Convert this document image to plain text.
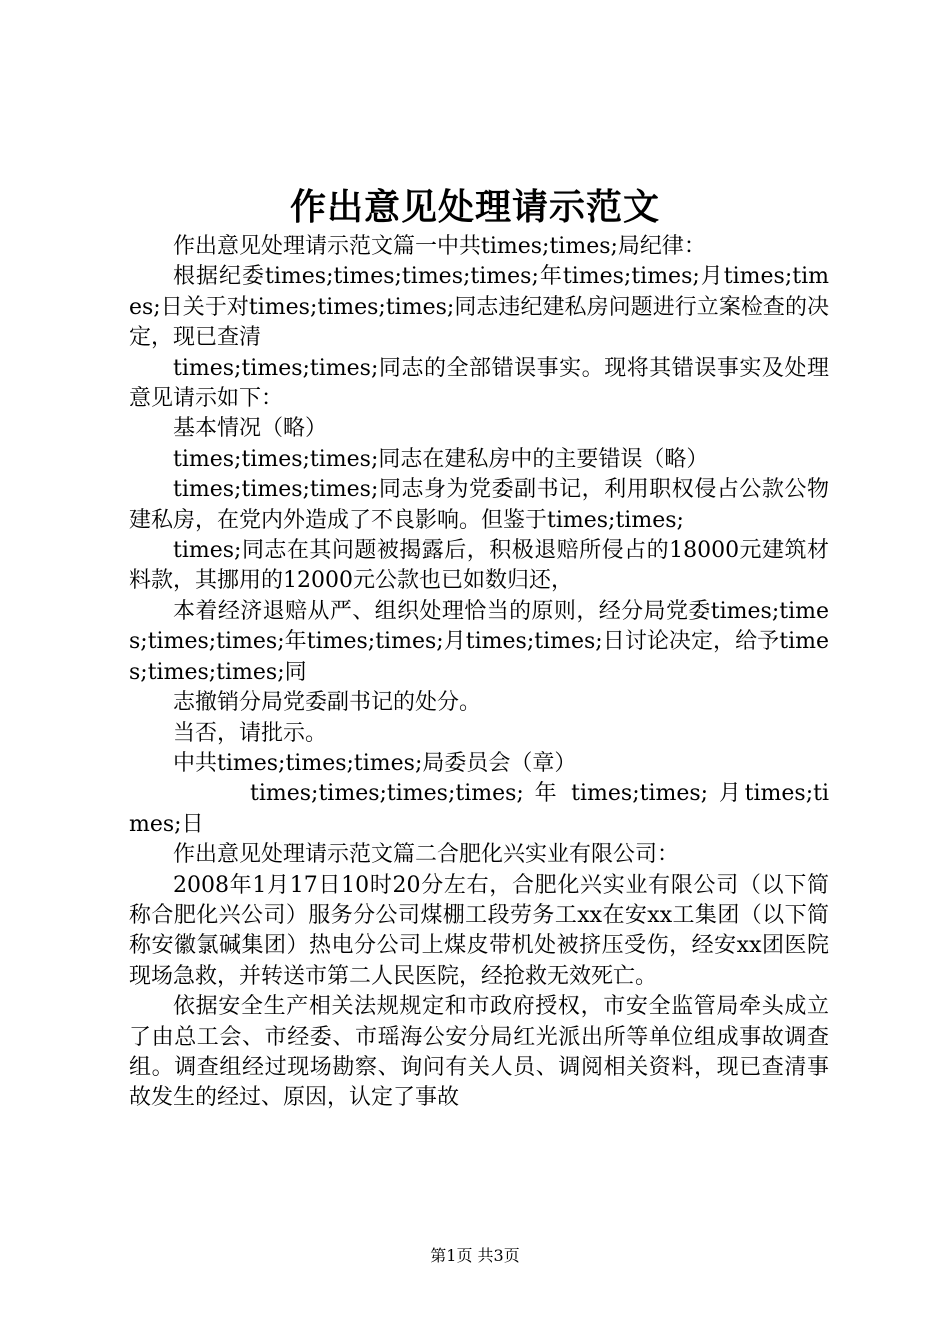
作出意见处理请示范文

作出意见处理请示范文篇一中共times;times;局纪律：

根据纪委times;times;times;times;年times;times;月times;times;日关于对times;times;times;同志违纪建私房问题进行立案检查的决定，现已查清

times;times;times;同志的全部错误事实。现将其错误事实及处理意见请示如下：

基本情况（略）

times;times;times;同志在建私房中的主要错误（略）

times;times;times;同志身为党委副书记，利用职权侵占公款公物建私房，在党内外造成了不良影响。但鉴于times;times;

times;同志在其问题被揭露后，积极退赔所侵占的18000元建筑材料款，其挪用的12000元公款也已如数归还，

本着经济退赔从严、组织处理恰当的原则，经分局党委times;times;times;times;年times;times;月times;times;日讨论决定，给予times;times;times;同

志撤销分局党委副书记的处分。

当否，请批示。

中共times;times;times;局委员会（章）

times;times;times;times; 年 times;times; 月times;times;日

作出意见处理请示范文篇二合肥化兴实业有限公司：

2008年1月17日10时20分左右，合肥化兴实业有限公司（以下简称合肥化兴公司）服务分公司煤棚工段劳务工xx在安xx工集团（以下简称安徽氯碱集团）热电分公司上煤皮带机处被挤压受伤，经安xx团医院现场急救，并转送市第二人民医院，经抢救无效死亡。

依据安全生产相关法规规定和市政府授权，市安全监管局牵头成立了由总工会、市经委、市瑶海公安分局红光派出所等单位组成事故调查组。调查组经过现场勘察、询问有关人员、调阅相关资料，现已查清事故发生的经过、原因，认定了事故

第1页 共3页
